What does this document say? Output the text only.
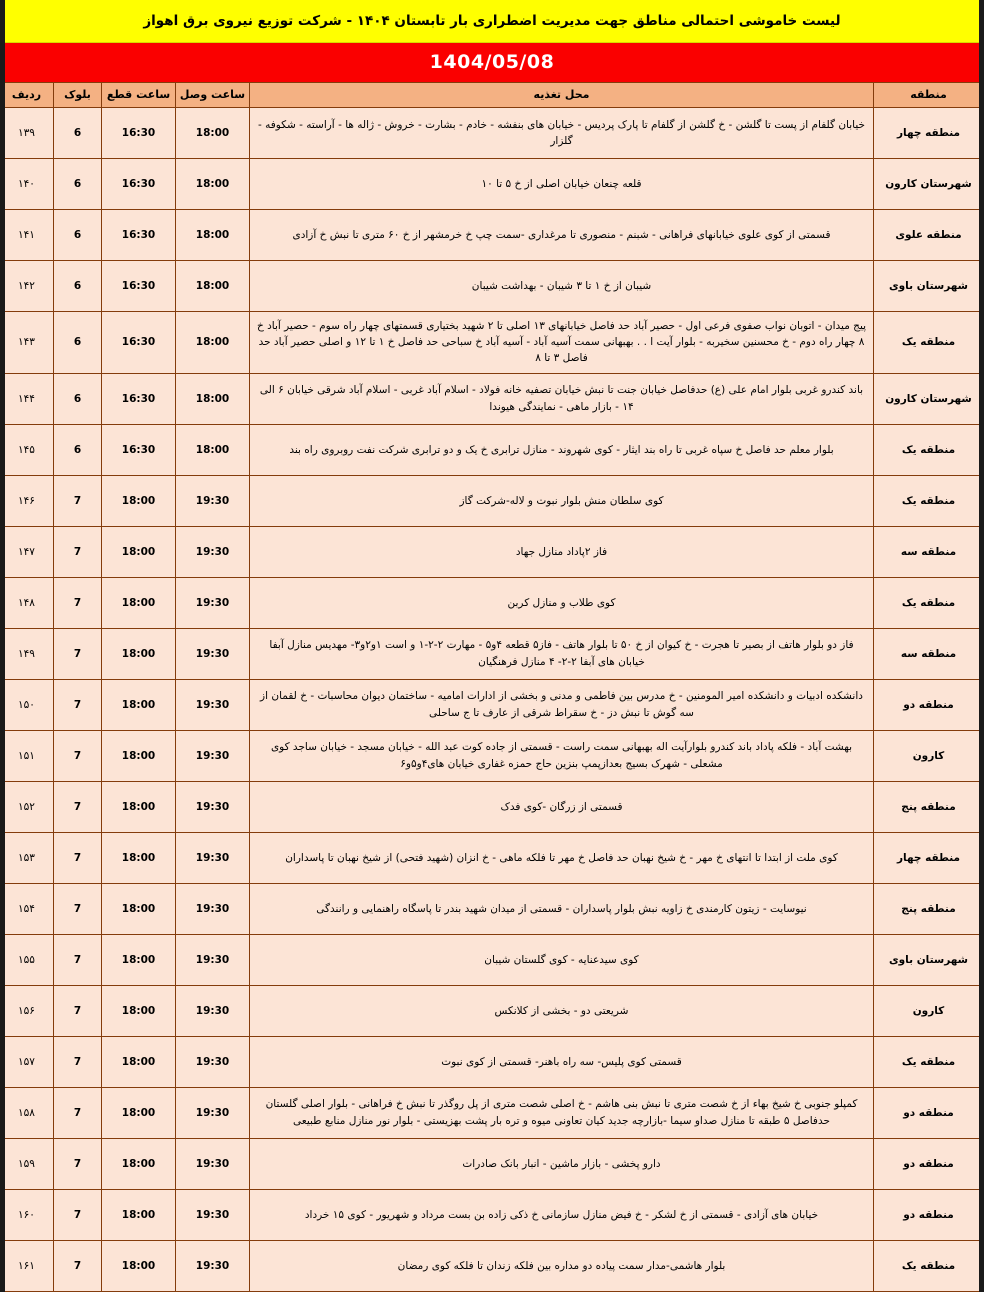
لیست خاموشی احتمالی مناطق جهت مدیریت اضطراری بار تابستان ۱۴۰۴ - شرکت توزیع نیروی برق اهواز
1404/05/08
منطقه	محل تغذیه	ساعت وصل	ساعت قطع	بلوک	ردیف
منطقه چهار	خیابان گلفام از پست تا گلشن - خ گلشن از گلفام تا پارک پردیس - خیابان های بنفشه - خادم - بشارت - خروش - ژاله ها - آراسته - شکوفه - گلزار	18:00	16:30	6	۱۳۹
شهرستان کارون	قلعه چنعان خیابان اصلی از خ ۵ تا ۱۰	18:00	16:30	6	۱۴۰
منطقه علوی	قسمتی از کوی علوی خیابانهای فراهانی - شبنم - منصوری تا مرغداری -سمت چپ خ خرمشهر از خ ۶۰ متری تا نبش خ آزادی	18:00	16:30	6	۱۴۱
شهرستان باوی	شیبان از خ ۱ تا ۳ شیبان - بهداشت شیبان	18:00	16:30	6	۱۴۲
منطقه یک	پیج میدان - اتوبان نواب صفوی فرعی اول - حصیر آباد حد فاصل خیابانهای ۱۳ اصلی تا ۲ شهید بختیاری قسمتهای چهار راه سوم - حصیر آباد خ ۸ چهار راه دوم - خ محسنین سخیربه - بلوار آیت ا . . بهبهانی سمت آسیه آباد - آسیه آباد خ سباحی حد فاصل خ ۱ تا ۱۲ و اصلی حصیر آباد حد فاصل ۳ تا ۸	18:00	16:30	6	۱۴۳
شهرستان کارون	باند کندرو غربی بلوار امام علی (ع) حدفاصل خیابان جنت تا نبش خیابان تصفیه خانه فولاد - اسلام آباد غربی - اسلام آباد شرقی خیابان ۶ الی ۱۴ - بازار ماهی - نمایندگی هیوندا	18:00	16:30	6	۱۴۴
منطقه یک	بلوار معلم حد فاصل خ سپاه غربی تا راه بند ایثار - کوی شهروند - منازل ترابری خ یک و دو ترابری شرکت نفت روبروی راه بند	18:00	16:30	6	۱۴۵
منطقه یک	کوی سلطان منش بلوار نبوت و لاله-شرکت گاز	19:30	18:00	7	۱۴۶
منطقه سه	فاز ۲پاداد منازل جهاد	19:30	18:00	7	۱۴۷
منطقه یک	کوی طلاب و منازل کربن	19:30	18:00	7	۱۴۸
منطقه سه	فاز دو بلوار هاتف از بصیر تا هجرت - خ کیوان از خ ۵۰ تا بلوار هاتف - فاز۵ قطعه ۴و۵ - مهارت ۲-۲-۱ و است ۱و۲و۳- مهدیس منازل آبفا خیابان های آبفا ۲-۲- ۴ منازل فرهنگیان	19:30	18:00	7	۱۴۹
منطقه دو	دانشکده ادبیات و دانشکده امیر المومنین - خ مدرس بین فاطمی و مدنی و بخشی از ادارات امامیه - ساختمان دیوان محاسبات - خ لقمان از سه گوش تا نبش دز - خ سقراط شرقی از عارف تا ج ساحلی	19:30	18:00	7	۱۵۰
کارون	بهشت آباد - فلکه پاداد باند کندرو بلوارآیت اله بهبهانی سمت راست - قسمتی از جاده کوت عبد الله - خیابان مسجد - خیابان ساجد کوی مشعلی - شهرک بسیج بعدازپمپ بنزین حاج حمزه غفاری خیابان های۴و۵و۶	19:30	18:00	7	۱۵۱
منطقه پنج	قسمتی از زرگان -کوی فدک	19:30	18:00	7	۱۵۲
منطقه چهار	کوی ملت از ابتدا تا انتهای خ مهر - خ شیخ نهبان حد فاصل خ مهر تا فلکه ماهی - خ انزان (شهید فتحی) از شیخ نهبان تا پاسداران	19:30	18:00	7	۱۵۳
منطقه پنج	نیوسایت - زیتون کارمندی خ زاویه نبش بلوار پاسداران - قسمتی از میدان شهید بندر تا پاسگاه راهنمایی و رانندگی	19:30	18:00	7	۱۵۴
شهرستان باوی	کوی سیدعنایه - کوی گلستان شیبان	19:30	18:00	7	۱۵۵
کارون	شریعتی دو - بخشی از کلانکس	19:30	18:00	7	۱۵۶
منطقه یک	قسمتی کوی پلیس- سه راه باهنر- قسمتی از کوی نبوت	19:30	18:00	7	۱۵۷
منطقه دو	کمپلو جنوبی خ شیخ بهاء از خ شصت متری تا نبش بنی هاشم - خ اصلی شصت متری از پل روگذر تا نبش خ فراهانی - بلوار اصلی گلستان حدفاصل ۵ طبقه تا منازل صداو سیما -بازارچه جدید کیان تعاونی میوه و تره بار پشت بهزیستی - بلوار نور منازل منابع طبیعی	19:30	18:00	7	۱۵۸
منطقه دو	دارو پخشی - بازار ماشین - انبار بانک صادرات	19:30	18:00	7	۱۵۹
منطقه دو	خیابان های آزادی - قسمتی از خ لشکر - خ فیض منازل سازمانی خ ذکی زاده بن بست مرداد و شهریور - کوی ۱۵ خرداد	19:30	18:00	7	۱۶۰
منطقه یک	بلوار هاشمی-مدار سمت پیاده دو مداره بین فلکه زندان تا فلکه کوی رمضان	19:30	18:00	7	۱۶۱
